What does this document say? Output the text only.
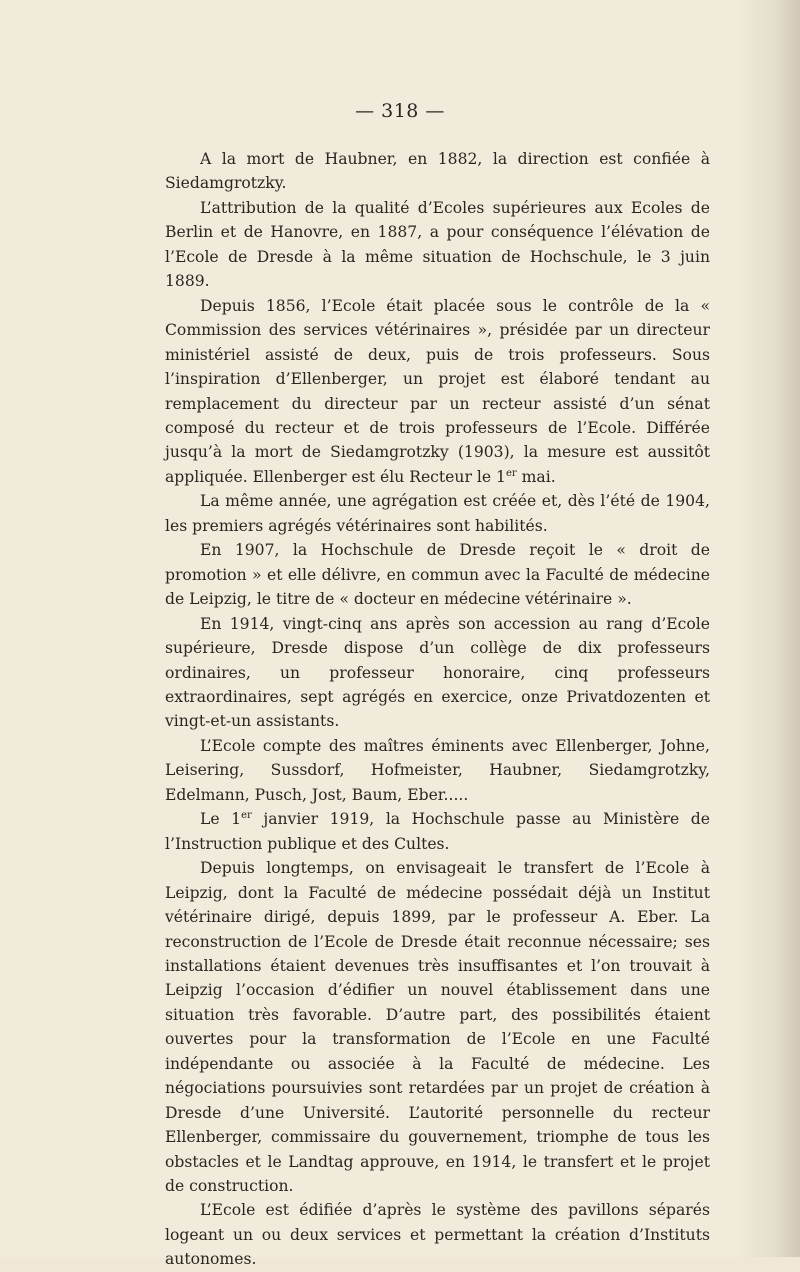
— 318 —

A la mort de Haubner, en 1882, la direction est confiée à Siedamgrotzky.

L’attribution de la qualité d’Ecoles supérieures aux Ecoles de Berlin et de Hanovre, en 1887, a pour conséquence l’élévation de l’Ecole de Dresde à la même situation de Hochschule, le 3 juin 1889.

Depuis 1856, l’Ecole était placée sous le contrôle de la « Commission des services vétérinaires », présidée par un directeur ministériel assisté de deux, puis de trois professeurs. Sous l’inspiration d’Ellenberger, un projet est élaboré tendant au remplacement du directeur par un recteur assisté d’un sénat composé du recteur et de trois professeurs de l’Ecole. Différée jusqu’à la mort de Siedamgrotzky (1903), la mesure est aussitôt appliquée. Ellenberger est élu Recteur le 1er mai.

La même année, une agrégation est créée et, dès l’été de 1904, les premiers agrégés vétérinaires sont habilités.

En 1907, la Hochschule de Dresde reçoit le « droit de promotion » et elle délivre, en commun avec la Faculté de médecine de Leipzig, le titre de « docteur en médecine vétérinaire ».

En 1914, vingt-cinq ans après son accession au rang d’Ecole supérieure, Dresde dispose d’un collège de dix professeurs ordinaires, un professeur honoraire, cinq professeurs extraordinaires, sept agrégés en exercice, onze Privatdozenten et vingt-et-un assistants.

L’Ecole compte des maîtres éminents avec Ellenberger, Johne, Leisering, Sussdorf, Hofmeister, Haubner, Siedamgrotzky, Edelmann, Pusch, Jost, Baum, Eber.....

Le 1er janvier 1919, la Hochschule passe au Ministère de l’Instruction publique et des Cultes.

Depuis longtemps, on envisageait le transfert de l’Ecole à Leipzig, dont la Faculté de médecine possédait déjà un Institut vétérinaire dirigé, depuis 1899, par le professeur A. Eber. La reconstruction de l’Ecole de Dresde était reconnue nécessaire; ses installations étaient devenues très insuffisantes et l’on trouvait à Leipzig l’occasion d’édifier un nouvel établissement dans une situation très favorable. D’autre part, des possibilités étaient ouvertes pour la transformation de l’Ecole en une Faculté indépendante ou associée à la Faculté de médecine. Les négociations poursuivies sont retardées par un projet de création à Dresde d’une Université. L’autorité personnelle du recteur Ellenberger, commissaire du gouvernement, triomphe de tous les obstacles et le Landtag approuve, en 1914, le transfert et le projet de construction.

L’Ecole est édifiée d’après le système des pavillons séparés logeant un ou deux services et permettant la création d’Instituts autonomes.
